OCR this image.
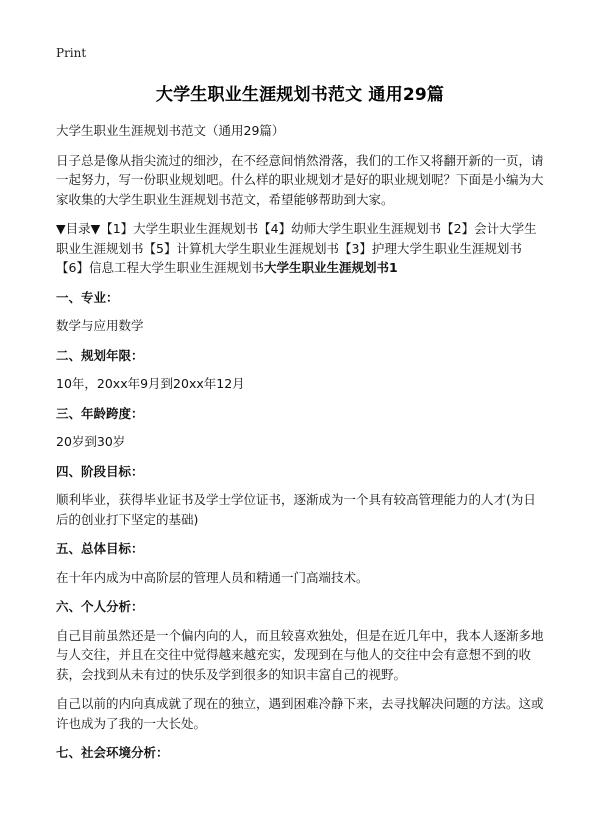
Print
大学生职业生涯规划书范文 通用29篇

大学生职业生涯规划书范文（通用29篇）

日子总是像从指尖流过的细沙，在不经意间悄然滑落，我们的工作又将翻开新的一页，请一起努力，写一份职业规划吧。什么样的职业规划才是好的职业规划呢？下面是小编为大家收集的大学生职业生涯规划书范文，希望能够帮助到大家。

▼目录▼【1】大学生职业生涯规划书【4】幼师大学生职业生涯规划书【2】会计大学生职业生涯规划书【5】计算机大学生职业生涯规划书【3】护理大学生职业生涯规划书【6】信息工程大学生职业生涯规划书大学生职业生涯规划书1

一、专业：

数学与应用数学

二、规划年限：

10年，20xx年9月到20xx年12月

三、年龄跨度：

20岁到30岁

四、阶段目标：

顺利毕业，获得毕业证书及学士学位证书，逐渐成为一个具有较高管理能力的人才(为日后的创业打下坚定的基础)

五、总体目标：

在十年内成为中高阶层的管理人员和精通一门高端技术。

六、个人分析：

自己目前虽然还是一个偏内向的人，而且较喜欢独处，但是在近几年中，我本人逐渐多地与人交往，并且在交往中觉得越来越充实，发现到在与他人的交往中会有意想不到的收获，会找到从未有过的快乐及学到很多的知识丰富自己的视野。

自己以前的内向真成就了现在的独立，遇到困难冷静下来，去寻找解决问题的方法。这或许也成为了我的一大长处。

七、社会环境分析：
